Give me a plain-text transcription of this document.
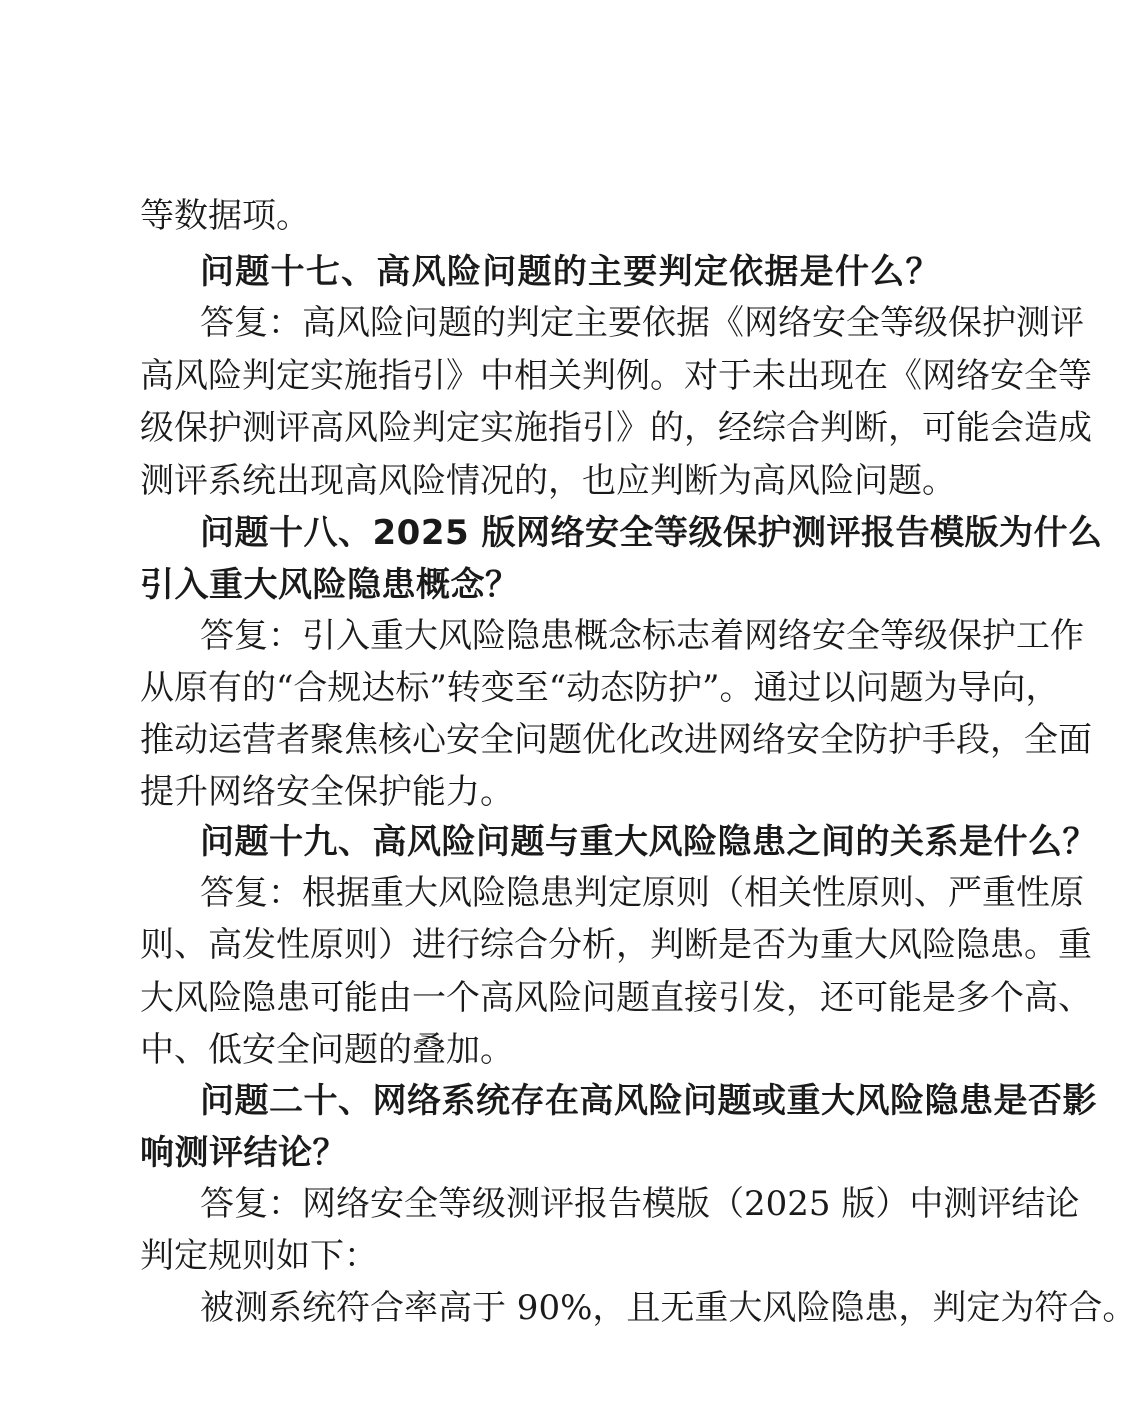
等数据项。
问题十七、高风险问题的主要判定依据是什么？
答复：高风险问题的判定主要依据《网络安全等级保护测评
高风险判定实施指引》中相关判例。对于未出现在《网络安全等
级保护测评高风险判定实施指引》的，经综合判断，可能会造成
测评系统出现高风险情况的，也应判断为高风险问题。
问题十八、2025 版网络安全等级保护测评报告模版为什么
引入重大风险隐患概念？
答复：引入重大风险隐患概念标志着网络安全等级保护工作
从原有的“合规达标”转变至“动态防护”。通过以问题为导向，
推动运营者聚焦核心安全问题优化改进网络安全防护手段，全面
提升网络安全保护能力。
问题十九、高风险问题与重大风险隐患之间的关系是什么？
答复：根据重大风险隐患判定原则（相关性原则、严重性原
则、高发性原则）进行综合分析，判断是否为重大风险隐患。重
大风险隐患可能由一个高风险问题直接引发，还可能是多个高、
中、低安全问题的叠加。
问题二十、网络系统存在高风险问题或重大风险隐患是否影
响测评结论？
答复：网络安全等级测评报告模版（2025 版）中测评结论
判定规则如下：
被测系统符合率高于 90%，且无重大风险隐患，判定为符合。
